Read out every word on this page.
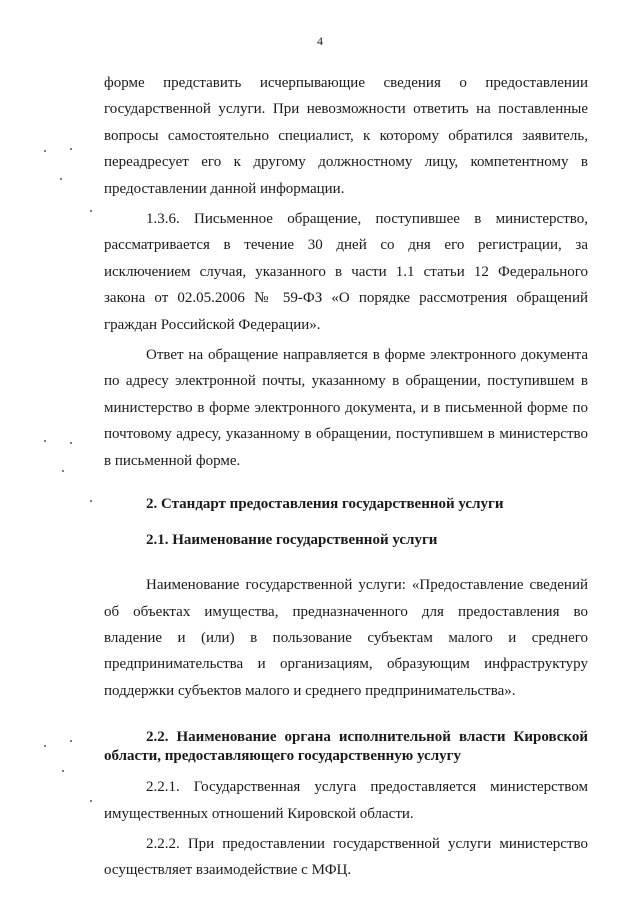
4

форме представить исчерпывающие сведения о предоставлении государственной услуги. При невозможности ответить на поставленные вопросы самостоятельно специалист, к которому обратился заявитель, переадресует его к другому должностному лицу, компетентному в предоставлении данной информации.

1.3.6. Письменное обращение, поступившее в министерство, рассматривается в течение 30 дней со дня его регистрации, за исключением случая, указанного в части 1.1 статьи 12 Федерального закона от 02.05.2006 № 59-ФЗ «О порядке рассмотрения обращений граждан Российской Федерации».

Ответ на обращение направляется в форме электронного документа по адресу электронной почты, указанному в обращении, поступившем в министерство в форме электронного документа, и в письменной форме по почтовому адресу, указанному в обращении, поступившем в министерство в письменной форме.

2. Стандарт предоставления государственной услуги
2.1. Наименование государственной услуги

Наименование государственной услуги: «Предоставление сведений об объектах имущества, предназначенного для предоставления во владение и (или) в пользование субъектам малого и среднего предпринимательства и организациям, образующим инфраструктуру поддержки субъектов малого и среднего предпринимательства».

2.2. Наименование органа исполнительной власти Кировской области, предоставляющего государственную услугу

2.2.1. Государственная услуга предоставляется министерством имущественных отношений Кировской области.

2.2.2. При предоставлении государственной услуги министерство осуществляет взаимодействие с МФЦ.
